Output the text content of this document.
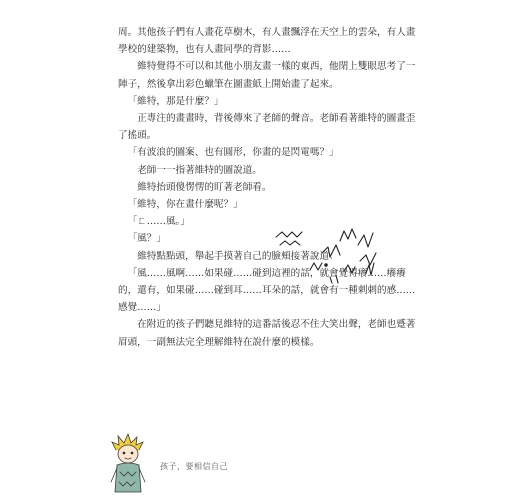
周。其他孩子們有人畫花草樹木，有人畫飄浮在天空上的雲朵，有人畫學校的建築物，也有人畫同學的背影……

維特覺得不可以和其他小朋友畫一樣的東西，他閉上雙眼思考了一陣子，然後拿出彩色蠟筆在圖畫紙上開始畫了起來。

「維特，那是什麼？」

正專注的畫畫時，背後傳來了老師的聲音。老師看著維特的圖畫歪了搖頭。

「有波浪的圖案、也有圓形，你畫的是閃電嗎？」

老師一一指著維特的圖說道。

維特抬頭傻愣愣的盯著老師看。

「維特，你在畫什麼呢？」

「ㄈ……風。」

「風？」

維特點點頭，舉起手摸著自己的臉頰接著說道：

「風……風啊……如果碰……碰到這裡的話，就會覺得癢……癢癢的，還有，如果碰……碰到耳……耳朵的話，就會有一種刺刺的感……感覺……」

在附近的孩子們聽見維特的這番話後忍不住大笑出聲，老師也蹙著眉頭，一副無法完全理解維特在說什麼的模樣。

孩子，要相信自己
